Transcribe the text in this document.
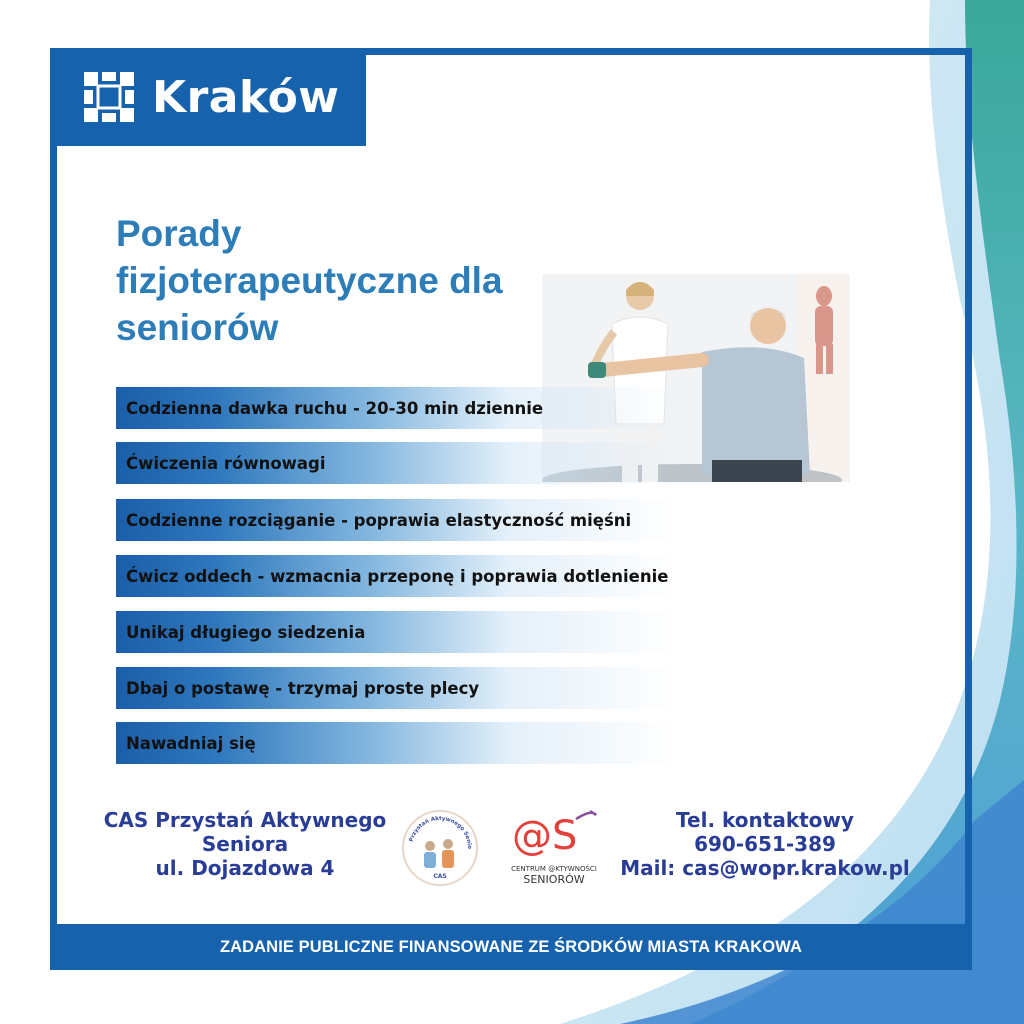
Kraków
Porady
fizjoterapeutyczne dla
seniorów
Codzienna dawka ruchu - 20-30 min dziennie
Ćwiczenia równowagi
Codzienne rozciąganie - poprawia elastyczność mięśni
Ćwicz oddech - wzmacnia przeponę i poprawia dotlenienie
Unikaj długiego siedzenia
Dbaj o postawę - trzymaj proste plecy
Nawadniaj się
CAS Przystań Aktywnego
Seniora
ul. Dojazdowa 4
Przystań Aktywnego Senio
CAS
@S
CENTRUM @KTYWNOŚCI
SENIORÓW
Tel. kontaktowy
690-651-389
Mail: cas@wopr.krakow.pl
ZADANIE PUBLICZNE FINANSOWANE ZE ŚRODKÓW MIASTA KRAKOWA
